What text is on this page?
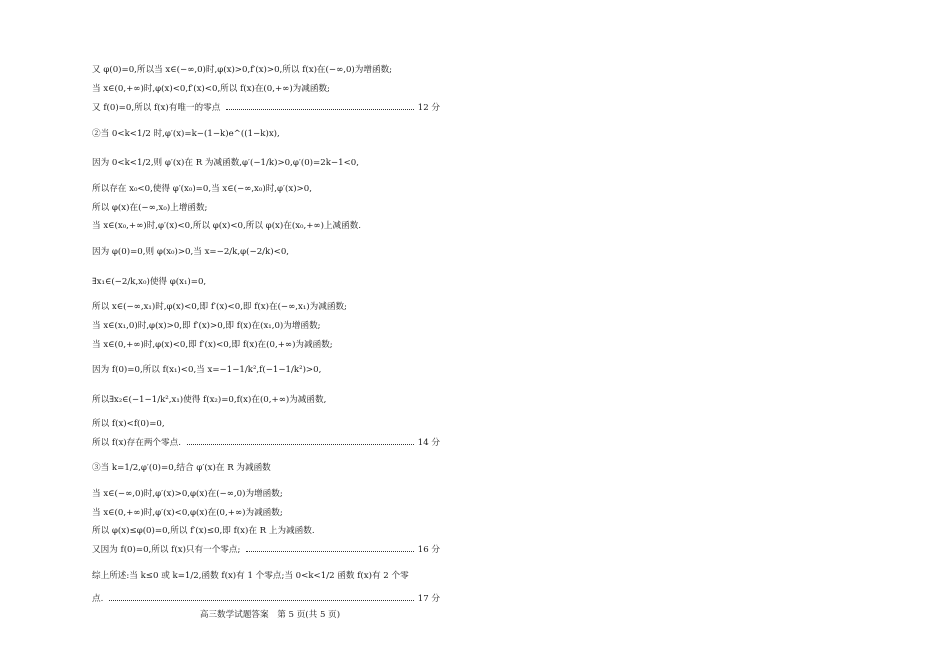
又 φ(0)=0,所以当 x∈(−∞,0)时,φ(x)>0,f′(x)>0,所以 f(x)在(−∞,0)为增函数;
当 x∈(0,+∞)时,φ(x)<0,f′(x)<0,所以 f(x)在(0,+∞)为减函数;
又 f(0)=0,所以 f(x)有唯一的零点	12 分
②当 0<k<1/2 时,φ′(x)=k−(1−k)e^((1−k)x),
因为 0<k<1/2,则 φ′(x)在 R 为减函数,φ′(−1/k)>0,φ′(0)=2k−1<0,
所以存在 x₀<0,使得 φ′(x₀)=0,当 x∈(−∞,x₀)时,φ′(x)>0,
所以 φ(x)在(−∞,x₀)上增函数;
当 x∈(x₀,+∞)时,φ′(x)<0,所以 φ(x)<0,所以 φ(x)在(x₀,+∞)上减函数.
因为 φ(0)=0,则 φ(x₀)>0,当 x=−2/k,φ(−2/k)<0,
∃x₁∈(−2/k,x₀)使得 φ(x₁)=0,
所以 x∈(−∞,x₁)时,φ(x)<0,即 f′(x)<0,即 f(x)在(−∞,x₁)为减函数;
当 x∈(x₁,0)时,φ(x)>0,即 f′(x)>0,即 f(x)在(x₁,0)为增函数;
当 x∈(0,+∞)时,φ(x)<0,即 f′(x)<0,即 f(x)在(0,+∞)为减函数;
因为 f(0)=0,所以 f(x₁)<0,当 x=−1−1/k²,f(−1−1/k²)>0,
所以∃x₂∈(−1−1/k²,x₁)使得 f(x₂)=0,f(x)在(0,+∞)为减函数,
所以 f(x)<f(0)=0,
所以 f(x)存在两个零点.	14 分
③当 k=1/2,φ′(0)=0,结合 φ′(x)在 R 为减函数
当 x∈(−∞,0)时,φ′(x)>0,φ(x)在(−∞,0)为增函数;
当 x∈(0,+∞)时,φ′(x)<0,φ(x)在(0,+∞)为减函数;
所以 φ(x)≤φ(0)=0,所以 f′(x)≤0,即 f(x)在 R 上为减函数.
又因为 f(0)=0,所以 f(x)只有一个零点;	16 分
综上所述:当 k≤0 或 k=1/2,函数 f(x)有 1 个零点;当 0<k<1/2 函数 f(x)有 2 个零
点.	17 分
高三数学试题答案　第 5 页(共 5 页)
